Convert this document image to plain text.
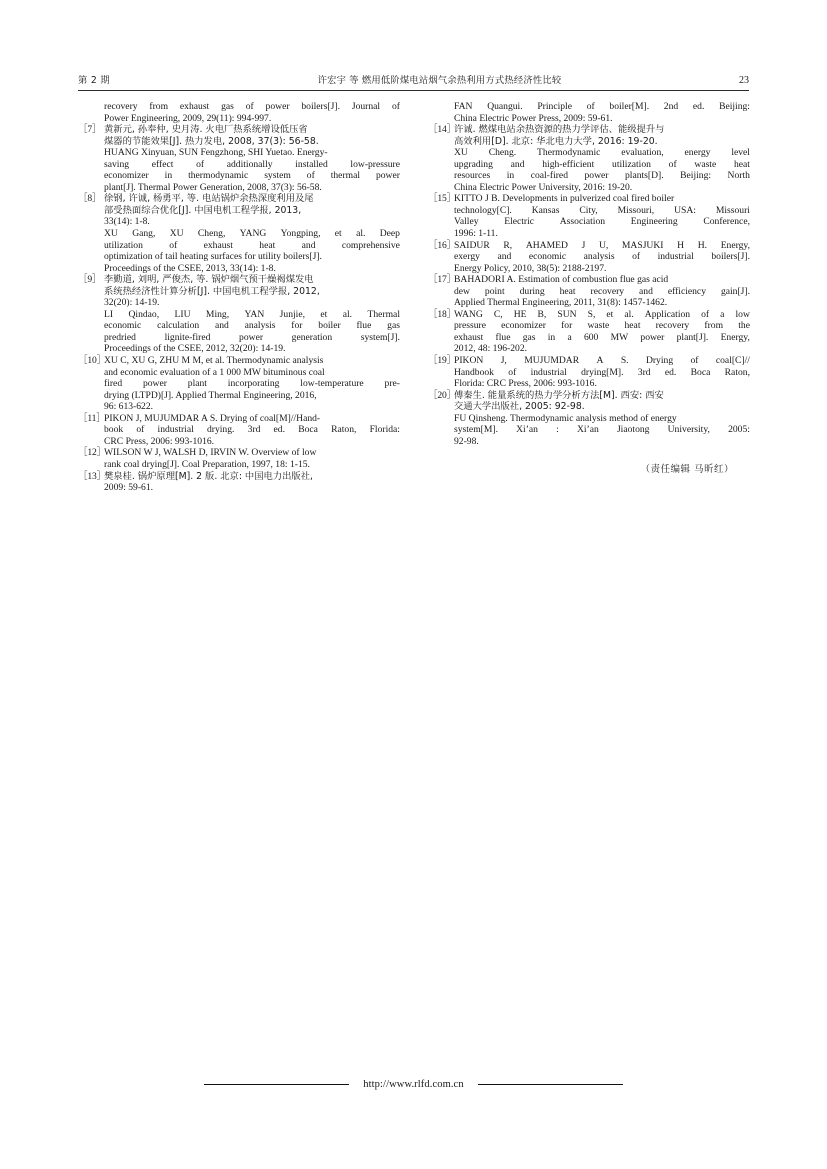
第 2 期	许宏宇 等 燃用低阶煤电站烟气余热利用方式热经济性比较	23
recovery from exhaust gas of power boilers[J]. Journal of
Power Engineering, 2009, 29(11): 994-997.
［7］ 黄新元, 孙奉仲, 史月涛. 火电厂热系统增设低压省
煤器的节能效果[J]. 热力发电, 2008, 37(3): 56-58.
HUANG Xinyuan, SUN Fengzhong, SHI Yuetao. Energy-
saving effect of additionally installed low-pressure
economizer in thermodynamic system of thermal power
plant[J]. Thermal Power Generation, 2008, 37(3): 56-58.
［8］ 徐钢, 许诚, 杨勇平, 等. 电站锅炉余热深度利用及尾
部受热面综合优化[J]. 中国电机工程学报, 2013,
33(14): 1-8.
XU Gang, XU Cheng, YANG Yongping, et al. Deep
utilization	of	exhaust	heat	and	comprehensive
optimization of tail heating surfaces for utility boilers[J].
Proceedings of the CSEE, 2013, 33(14): 1-8.
［9］ 李勤道, 刘明, 严俊杰, 等. 锅炉烟气预干燥褐煤发电
系统热经济性计算分析[J]. 中国电机工程学报, 2012,
32(20): 14-19.
LI Qindao, LIU Ming, YAN Junjie, et al. Thermal
economic calculation and analysis for boiler flue gas
predried	lignite-fired	power	generation	system[J].
Proceedings of the CSEE, 2012, 32(20): 14-19.
［10］
XU C, XU G, ZHU M M, et al. Thermodynamic analysis
and economic evaluation of a 1 000 MW bituminous coal
fired power plant incorporating low-temperature pre-
drying (LTPD)[J]. Applied Thermal Engineering, 2016,
96: 613-622.
［11］
PIKON J, MUJUMDAR A S. Drying of coal[M]//Hand-
book of industrial drying. 3rd ed. Boca Raton, Florida:
CRC Press, 2006: 993-1016.
［12］
WILSON W J, WALSH D, IRVIN W. Overview of low
rank coal drying[J]. Coal Preparation, 1997, 18: 1-15.
［13］
樊泉桂. 锅炉原理[M]. 2 版. 北京: 中国电力出版社,
2009: 59-61.
FAN Quangui. Principle of boiler[M]. 2nd ed. Beijing:
China Electric Power Press, 2009: 59-61.
［14］
许诚. 燃煤电站余热资源的热力学评估、能级提升与
高效利用[D]. 北京: 华北电力大学, 2016: 19-20.
XU Cheng. Thermodynamic evaluation, energy level
upgrading and high-efficient utilization of waste heat
resources in coal-fired power plants[D]. Beijing: North
China Electric Power University, 2016: 19-20.
［15］
KITTO J B. Developments in pulverized coal fired boiler
technology[C]. Kansas City, Missouri, USA: Missouri
Valley	Electric	Association	Engineering	Conference,
1996: 1-11.
［16］
SAIDUR R, AHAMED J U, MASJUKI H H. Energy,
exergy and economic analysis of industrial boilers[J].
Energy Policy, 2010, 38(5): 2188-2197.
［17］
BAHADORI A. Estimation of combustion flue gas acid
dew point during heat recovery and efficiency gain[J].
Applied Thermal Engineering, 2011, 31(8): 1457-1462.
［18］
WANG C, HE B, SUN S, et al. Application of a low
pressure economizer for waste heat recovery from the
exhaust flue gas in a 600 MW power plant[J]. Energy,
2012, 48: 196-202.
［19］
PIKON J, MUJUMDAR A S. Drying of coal[C]//
Handbook of industrial drying[M]. 3rd ed. Boca Raton,
Florida: CRC Press, 2006: 993-1016.
［20］
傅秦生. 能量系统的热力学分析方法[M]. 西安: 西安
交通大学出版社, 2005: 92-98.
FU Qinsheng. Thermodynamic analysis method of energy
system[M]. Xi’an : Xi’an Jiaotong University, 2005:
92-98.
（责任编辑 马昕红）
http://www.rlfd.com.cn
